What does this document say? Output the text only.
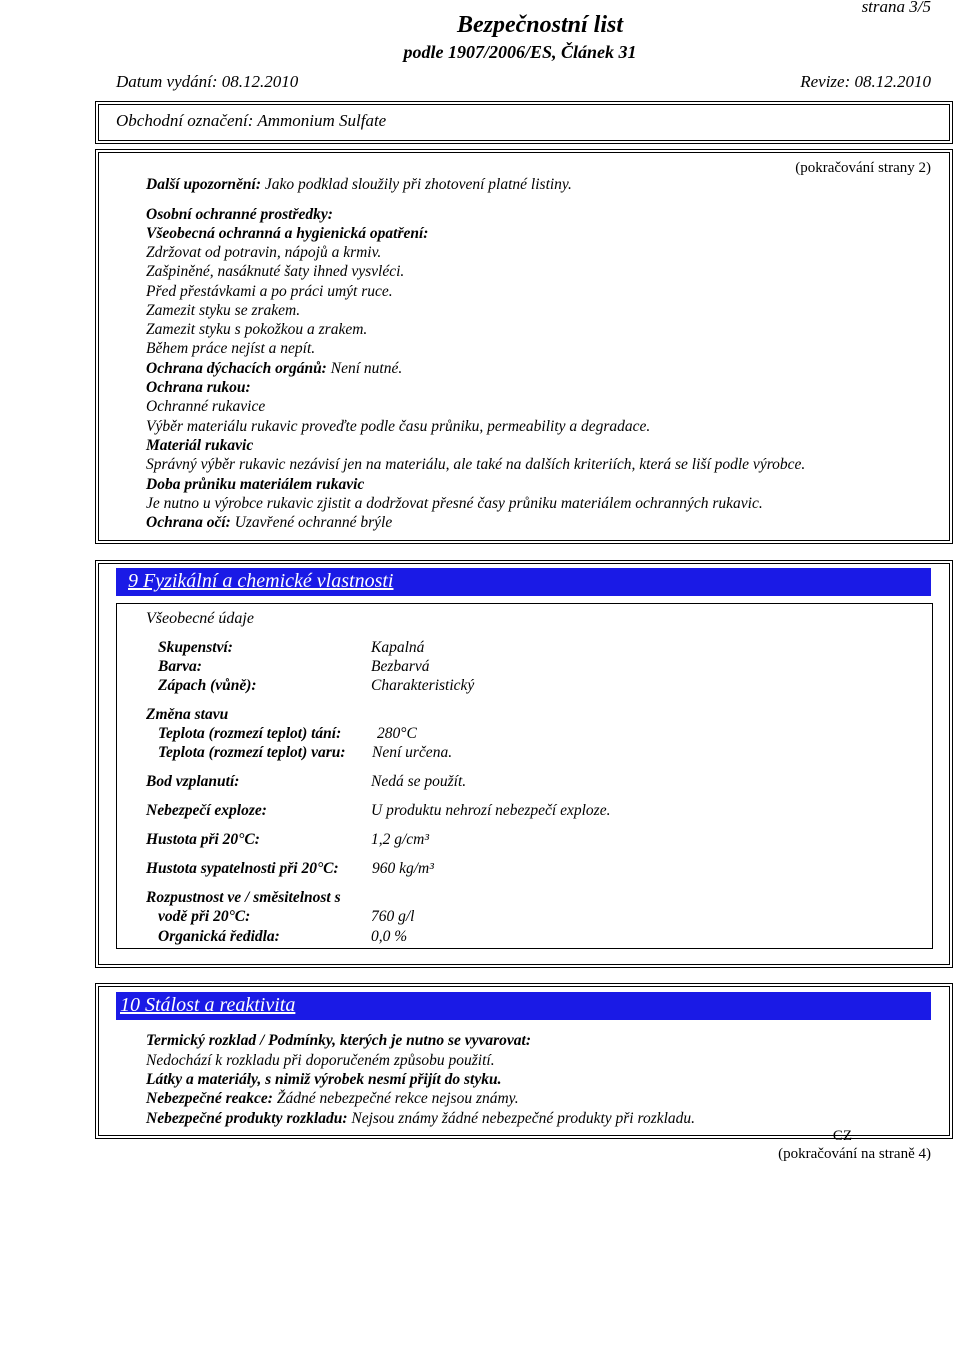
strana 3/5
Bezpečnostní list
podle 1907/2006/ES, Článek 31
Datum vydání: 08.12.2010	Revize: 08.12.2010
Obchodní označení: Ammonium Sulfate
(pokračování strany 2)
Další upozornění: Jako podklad sloužily při zhotovení platné listiny.
Osobní ochranné prostředky:
Všeobecná ochranná a hygienická opatření:
Zdržovat od potravin, nápojů a krmiv.
Zašpiněné, nasáknuté šaty ihned vysvléci.
Před přestávkami a po práci umýt ruce.
Zamezit styku se zrakem.
Zamezit styku s pokožkou a zrakem.
Během práce nejíst a nepít.
Ochrana dýchacích orgánů: Není nutné.
Ochrana rukou:
Ochranné rukavice
Výběr materiálu rukavic proveďte podle času průniku, permeability a degradace.
Materiál rukavic
Správný výběr rukavic nezávisí jen na materiálu, ale také na dalších kriteriích, která se liší podle výrobce.
Doba průniku materiálem rukavic
Je nutno u výrobce rukavic zjistit a dodržovat přesné časy průniku materiálem ochranných rukavic.
Ochrana očí: Uzavřené ochranné brýle
9 Fyzikální a chemické vlastnosti
Všeobecné údaje
Skupenství:	Kapalná
Barva:	Bezbarvá
Zápach (vůně):	Charakteristický
Změna stavu
Teplota (rozmezí teplot) tání: 280°C
Teplota (rozmezí teplot) varu: Není určena.
Bod vzplanutí:	Nedá se použít.
Nebezpečí exploze:	U produktu nehrozí nebezpečí exploze.
Hustota při 20°C:	1,2 g/cm³
Hustota sypatelnosti při 20°C: 960 kg/m³
Rozpustnost ve / směsitelnost s
vodě při 20°C:	760 g/l
Organická ředidla:	0,0 %
10 Stálost a reaktivita
Termický rozklad / Podmínky, kterých je nutno se vyvarovat:
Nedochází k rozkladu při doporučeném způsobu použití.
Látky a materiály, s nimiž výrobek nesmí přijít do styku.
Nebezpečné reakce: Žádné nebezpečné rekce nejsou známy.
Nebezpečné produkty rozkladu: Nejsou známy žádné nebezpečné produkty při rozkladu.
CZ
(pokračování na straně 4)
